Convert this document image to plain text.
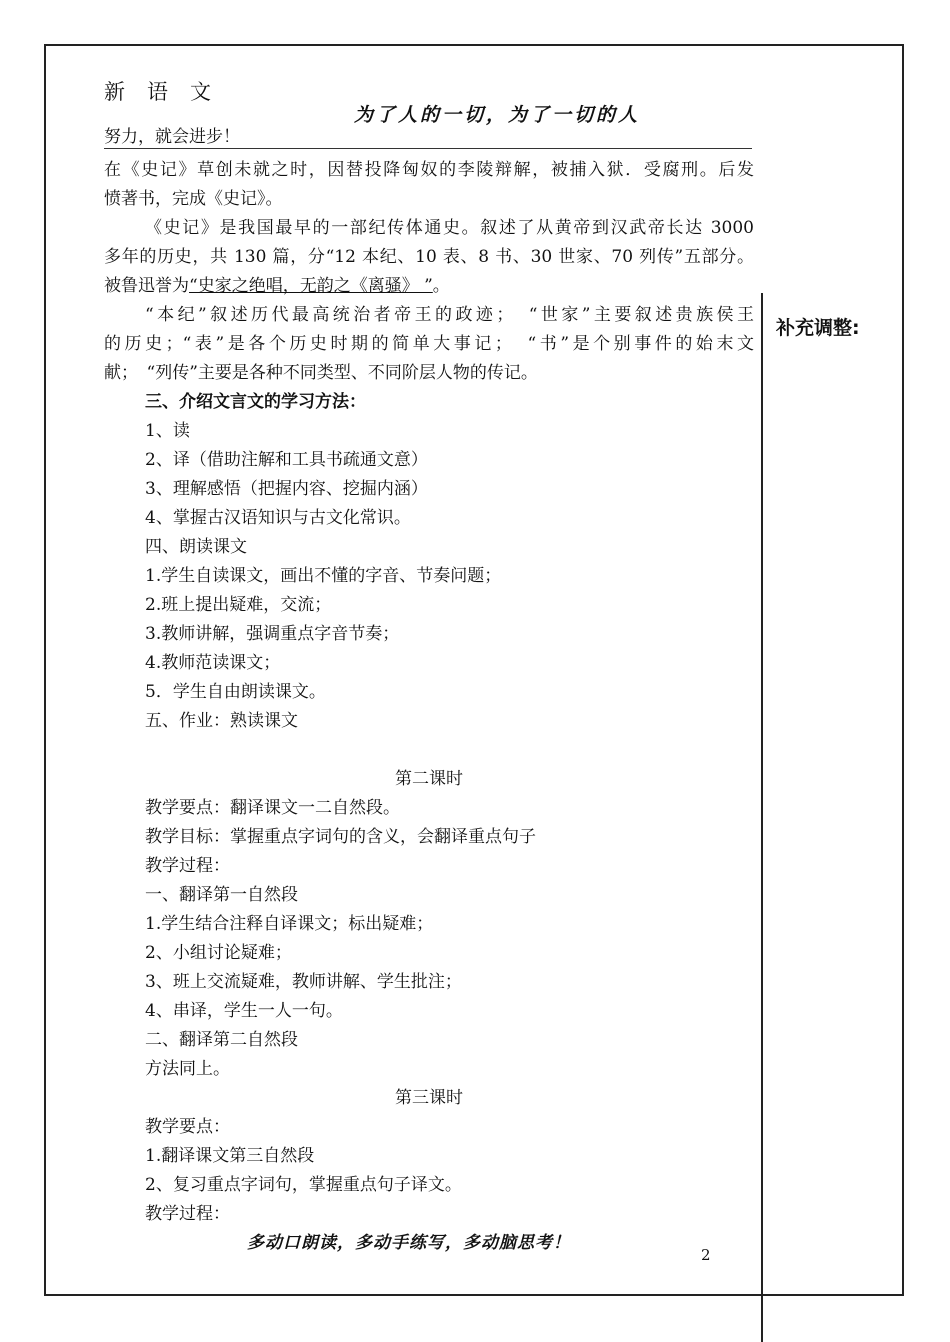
新语文
为了人的一切，为了一切的人
努力，就会进步！
补充调整:
在《史记》草创未就之时，因替投降匈奴的李陵辩解，被捕入狱．受腐刑。后发
愤著书，完成《史记》。
《史记》是我国最早的一部纪传体通史。叙述了从黄帝到汉武帝长达 3000
多年的历史，共 130 篇，分“12 本纪、10 表、8 书、30 世家、70 列传”五部分。
被鲁迅誉为“史家之绝唱，无韵之《离骚》 ”。
“本纪”叙述历代最高统治者帝王的政迹；　“世家”主要叙述贵族侯王
的历史；“表”是各个历史时期的简单大事记；　“书”是个别事件的始末文
献；　“列传”主要是各种不同类型、不同阶层人物的传记。
三、介绍文言文的学习方法：
1、读
2、译（借助注解和工具书疏通文意）
3、理解感悟（把握内容、挖掘内涵）
4、掌握古汉语知识与古文化常识。
四、朗读课文
1.学生自读课文，画出不懂的字音、节奏问题；
2.班上提出疑难，交流；
3.教师讲解，强调重点字音节奏；
4.教师范读课文；
5．学生自由朗读课文。
五、作业：熟读课文
第二课时
教学要点：翻译课文一二自然段。
教学目标：掌握重点字词句的含义，会翻译重点句子
教学过程：
一、翻译第一自然段
1.学生结合注释自译课文；标出疑难；
2、小组讨论疑难；
3、班上交流疑难，教师讲解、学生批注；
4、串译，学生一人一句。
二、翻译第二自然段
方法同上。
第三课时
教学要点：
1.翻译课文第三自然段
2、复习重点字词句，掌握重点句子译文。
教学过程：
多动口朗读，多动手练写，多动脑思考！
2
